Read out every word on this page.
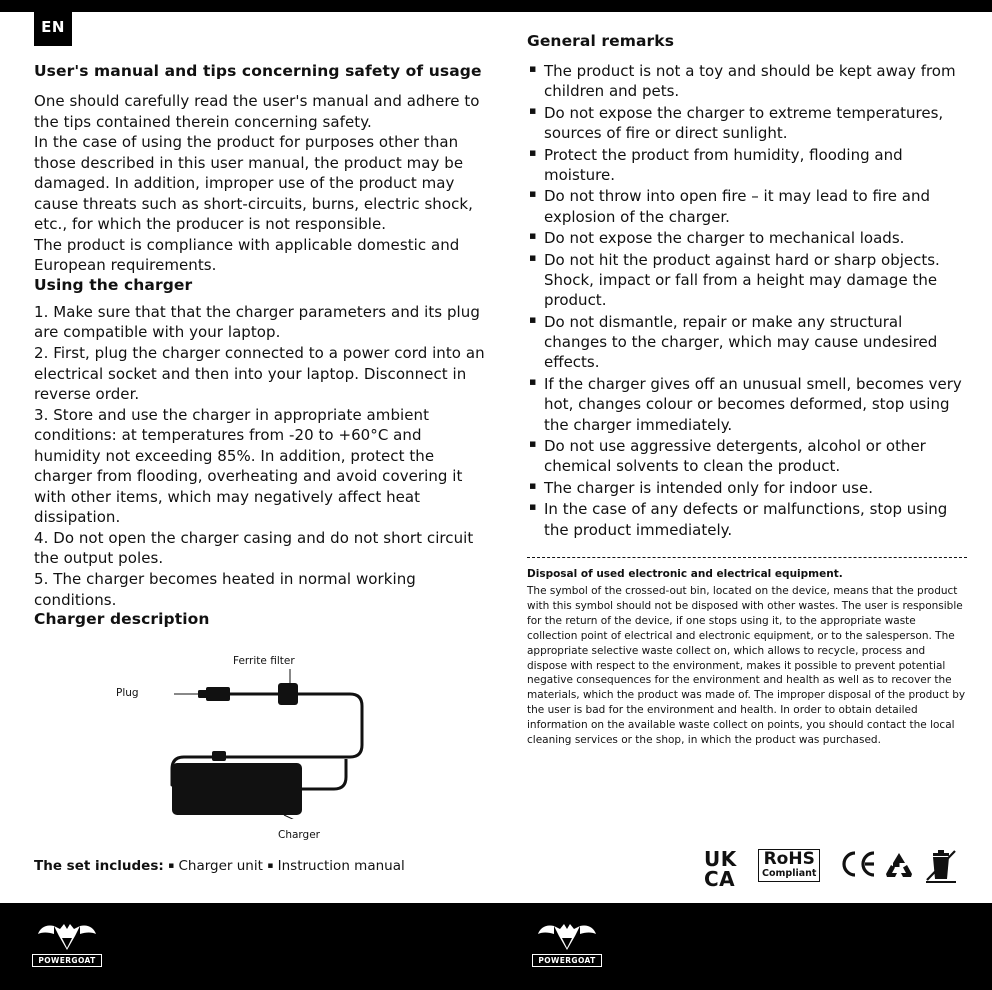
EN
User's manual and tips concerning safety of usage

One should carefully read the user's manual and adhere to the tips contained therein concerning safety.

In the case of using the product for purposes other than those described in this user manual, the product may be damaged. In addition, improper use of the product may cause threats such as short-circuits, burns, electric shock, etc., for which the producer is not responsible.

The product is compliance with applicable domestic and European requirements.

Using the charger

1. Make sure that that the charger parameters and its plug are compatible with your laptop.

2. First, plug the charger connected to a power cord into an electrical socket and then into your laptop. Disconnect in reverse order.

3. Store and use the charger in appropriate ambient conditions: at temperatures from -20 to +60°C and humidity not exceeding 85%. In addition, protect the charger from flooding, overheating and avoid covering it with other items, which may negatively affect heat dissipation.

4. Do not open the charger casing and do not short circuit the output poles.

5. The charger becomes heated in normal working conditions.

Charger description
Ferrite filter
Plug
Charger
The set includes: ▪ Charger unit ▪ Instruction manual
General remarks
▪ The product is not a toy and should be kept away from children and pets.
▪ Do not expose the charger to extreme temperatures, sources of fire or direct sunlight.
▪ Protect the product from humidity, flooding and moisture.
▪ Do not throw into open fire – it may lead to fire and explosion of the charger.
▪ Do not expose the charger to mechanical loads.
▪ Do not hit the product against hard or sharp objects. Shock, impact or fall from a height may damage the product.
▪ Do not dismantle, repair or make any structural changes to the charger, which may cause undesired effects.
▪ If the charger gives off an unusual smell, becomes very hot, changes colour or becomes deformed, stop using the charger immediately.
▪ Do not use aggressive detergents, alcohol or other chemical solvents to clean the product.
▪ The charger is intended only for indoor use.
▪ In the case of any defects or malfunctions, stop using the product immediately.

Disposal of used electronic and electrical equipment.

The symbol of the crossed-out bin, located on the device, means that the product with this symbol should not be disposed with other wastes. The user is responsible for the return of the device, if one stops using it, to the appropriate waste collection point of electrical and electronic equipment, or to the salesperson. The appropriate selective waste collect on, which allows to recycle, process and dispose with respect to the environment, makes it possible to prevent potential negative consequences for the environment and health as well as to recover the materials, which the product was made of. The improper disposal of the product by the user is bad for the environment and health. In order to obtain detailed information on the available waste collect on points, you should contact the local cleaning services or the shop, in which the product was purchased.

UK
CA
RoHS
Compliant
POWERGOAT	POWERGOAT
